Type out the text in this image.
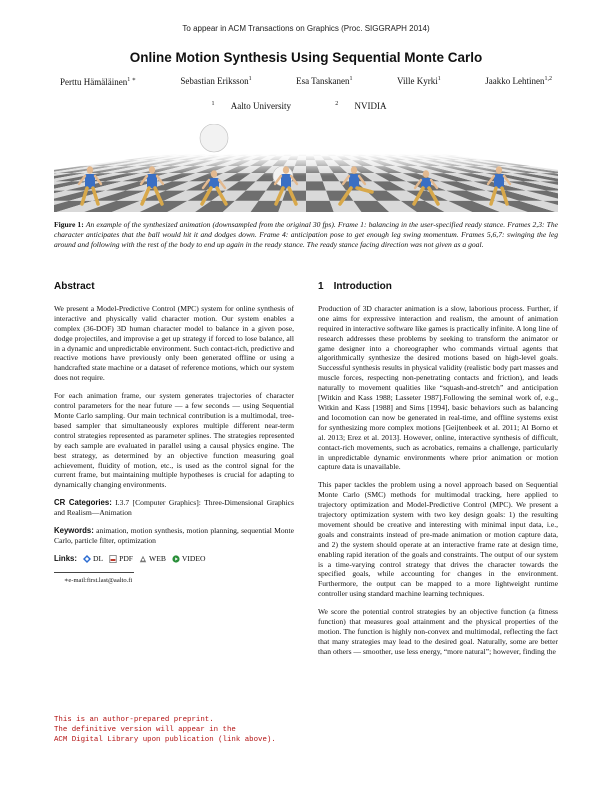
To appear in ACM Transactions on Graphics (Proc. SIGGRAPH 2014)
Online Motion Synthesis Using Sequential Monte Carlo
Perttu Hämäläinen$^{1 ∗}$	Sebastian Eriksson$^1$	Esa Tanskanen$^1$	Ville Kyrki$^1$	Jaakko Lehtinen$^{1,2}$
$^1$ Aalto University	$^2$ NVIDIA
Figure 1: An example of the synthesized animation (downsampled from the original 30 fps). Frame 1: balancing in the user-specified ready stance. Frames 2,3: The character anticipates that the ball would hit it and dodges down. Frame 4: anticipation pose to get enough leg swing momentum. Frames 5,6,7: swinging the leg around and following with the rest of the body to end up again in the ready stance. The ready stance facing direction was not given as a goal.
Abstract

We present a Model-Predictive Control (MPC) system for online synthesis of interactive and physically valid character motion. Our system enables a complex (36-DOF) 3D human character model to balance in a given pose, dodge projectiles, and improvise a get up strategy if forced to lose balance, all in a dynamic and unpredictable environment. Such contact-rich, predictive and reactive motions have previously only been generated offline or using a handcrafted state machine or a dataset of reference motions, which our system does not require.

For each animation frame, our system generates trajectories of character control parameters for the near future — a few seconds — using Sequential Monte Carlo sampling. Our main technical contribution is a multimodal, tree-based sampler that simultaneously explores multiple different near-term control strategies represented as parameter splines. The strategies represented by each sample are evaluated in parallel using a causal physics engine. The best strategy, as determined by an objective function measuring goal achievement, fluidity of motion, etc., is used as the control signal for the current frame, but maintaining multiple hypotheses is crucial for adapting to dynamically changing environments.

CR Categories: I.3.7 [Computer Graphics]: Three-Dimensional Graphics and Realism—Animation

Keywords: animation, motion synthesis, motion planning, sequential Monte Carlo, particle filter, optimization

Links: DL PDF WEB VIDEO
∗e-mail:first.last@aalto.fi
This is an author-prepared preprint.
The definitive version will appear in the
ACM Digital Library upon publication (link above).
1 Introduction

Production of 3D character animation is a slow, laborious process. Further, if one aims for expressive interaction and realism, the amount of animation required in interactive software like games is practically infinite. A long line of research addresses these problems by seeking to transform the animator or game designer into a choreographer who commands virtual agents that algorithmically synthesize the desired motions based on high-level goals. Successful synthesis results in physical validity (realistic body part masses and muscle forces, respecting non-penetrating contacts and friction), and leads naturally to movement qualities like “squash-and-stretch” and anticipation [Witkin and Kass 1988; Lasseter 1987].Following the seminal work of, e.g., Witkin and Kass [1988] and Sims [1994], basic behaviors such as balancing and locomotion can now be generated in real-time, and offline systems exist for synthesizing more complex motions [Geijtenbeek et al. 2011; Al Borno et al. 2013; Erez et al. 2013]. However, online, interactive synthesis of difficult, contact-rich movements, such as acrobatics, remains a challenge, particularly in unpredictable dynamic environments where prior animation or motion capture data is unavailable.

This paper tackles the problem using a novel approach based on Sequential Monte Carlo (SMC) methods for multimodal tracking, here applied to trajectory optimization and Model-Predictive Control (MPC). We present a trajectory optimization system with two key design goals: 1) the resulting movement should be creative and interesting with minimal input data, i.e., goals and constraints instead of pre-made animation or motion capture data, and 2) the system should operate at an interactive frame rate at design time, enabling rapid iteration of the goals and constraints. The output of our system is a time-varying control strategy that drives the character towards the specified goals, while accounting for changes in the environment. Furthermore, the output can be mapped to a more lightweight runtime controller using standard machine learning techniques.

We score the potential control strategies by an objective function (a fitness function) that measures goal attainment and the physical properties of the motion. The function is highly non-convex and multimodal, reflecting the fact that many strategies may lead to the desired goal. Naturally, some are better than others — smoother, use less energy, “more natural”; however, finding the
